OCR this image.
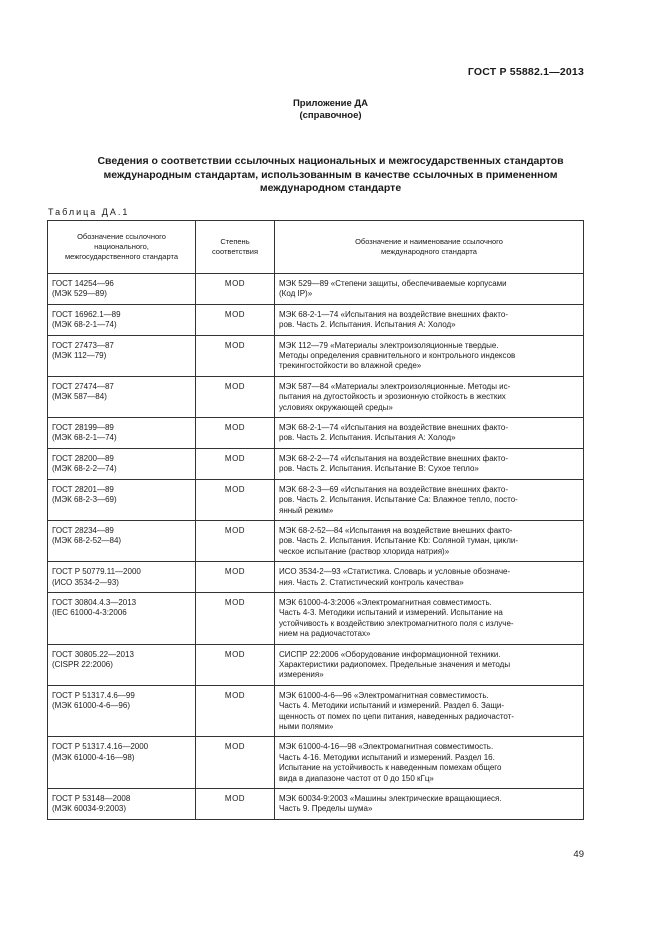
ГОСТ Р 55882.1—2013
Приложение ДА
(справочное)
Сведения о соответствии ссылочных национальных и межгосударственных стандартов
международным стандартам, использованным в качестве ссылочных в примененном
международном стандарте
Таблица ДА.1
Обозначение ссылочного
национального,
межгосударственного стандарта	Степень
соответствия	Обозначение и наименование ссылочного
международного стандарта

ГОСТ 14254—96
(МЭК 529—89)	MOD	МЭК 529—89 «Степени защиты, обеспечиваемые корпусами
(Код IP)»

ГОСТ 16962.1—89
(МЭК 68-2-1—74)	MOD	МЭК 68-2-1—74 «Испытания на воздействие внешних факто-
ров. Часть 2. Испытания. Испытания А: Холод»

ГОСТ 27473—87
(МЭК 112—79)	MOD	МЭК 112—79 «Материалы электроизоляционные твердые.
Методы определения сравнительного и контрольного индексов
трекингостойкости во влажной среде»

ГОСТ 27474—87
(МЭК 587—84)	MOD	МЭК 587—84 «Материалы электроизоляционные. Методы ис-
пытания на дугостойкость и эрозионную стойкость в жестких
условиях окружающей среды»

ГОСТ 28199—89
(МЭК 68-2-1—74)	MOD	МЭК 68-2-1—74 «Испытания на воздействие внешних факто-
ров. Часть 2. Испытания. Испытания А: Холод»

ГОСТ 28200—89
(МЭК 68-2-2—74)	MOD	МЭК 68-2-2—74 «Испытания на воздействие внешних факто-
ров. Часть 2. Испытания. Испытание В: Сухое тепло»

ГОСТ 28201—89
(МЭК 68-2-3—69)	MOD	МЭК 68-2-3—69 «Испытания на воздействие внешних факто-
ров. Часть 2. Испытания. Испытание Са: Влажное тепло, посто-
янный режим»

ГОСТ 28234—89
(МЭК 68-2-52—84)	MOD	МЭК 68-2-52—84 «Испытания на воздействие внешних факто-
ров. Часть 2. Испытания. Испытание Kb: Соляной туман, цикли-
ческое испытание (раствор хлорида натрия)»

ГОСТ Р 50779.11—2000
(ИСО 3534-2—93)	MOD	ИСО 3534-2—93 «Статистика. Словарь и условные обозначе-
ния. Часть 2. Статистический контроль качества»

ГОСТ 30804.4.3—2013
(IEC 61000-4-3:2006	MOD	МЭК 61000-4-3:2006 «Электромагнитная совместимость.
Часть 4-3. Методики испытаний и измерений. Испытание на
устойчивость к воздействию электромагнитного поля с излуче-
нием на радиочастотах»

ГОСТ 30805.22—2013
(CISPR 22:2006)	MOD	СИСПР 22:2006 «Оборудование информационной техники.
Характеристики радиопомех. Предельные значения и методы
измерения»

ГОСТ Р 51317.4.6—99
(МЭК 61000-4-6—96)	MOD	МЭК 61000-4-6—96 «Электромагнитная совместимость.
Часть 4. Методики испытаний и измерений. Раздел 6. Защи-
щенность от помех по цепи питания, наведенных радиочастот-
ными полями»

ГОСТ Р 51317.4.16—2000
(МЭК 61000-4-16—98)	MOD	МЭК 61000-4-16—98 «Электромагнитная совместимость.
Часть 4-16. Методики испытаний и измерений. Раздел 16.
Испытание на устойчивость к наведенным помехам общего
вида в диапазоне частот от 0 до 150 кГц»

ГОСТ Р 53148—2008
(МЭК 60034-9:2003)	MOD	МЭК 60034-9:2003 «Машины электрические вращающиеся.
Часть 9. Пределы шума»
49
